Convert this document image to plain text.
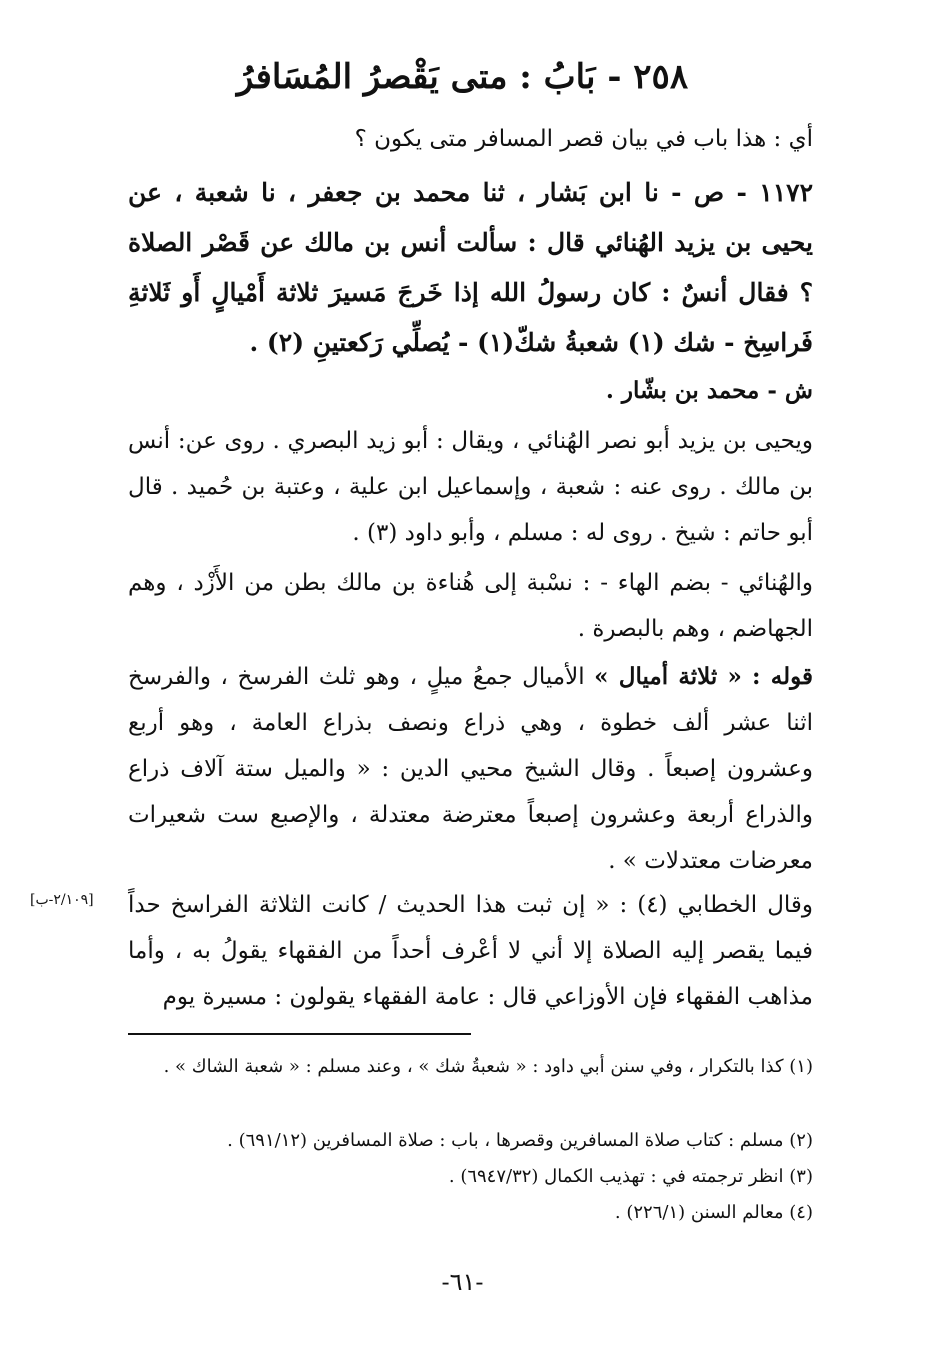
٢٥٨ - بَابُ : متى يَقْصرُ المُسَافرُ
أي : هذا باب في بيان قصر المسافر متى يكون ؟
١١٧٢ - ص - نا ابن بَشار ، ثنا محمد بن جعفر ، نا شعبة ، عن يحيى بن يزيد الهُنائي قال : سألت أنس بن مالك عن قَصْر الصلاة ؟ فقال أنسٌ : كان رسولُ الله إذا خَرجَ مَسيرَ ثلاثة أَمْيالٍ أَو ثَلاثةِ فَراسِخ - شك (١) شعبةُ شكّ(١) - يُصلِّي رَكعتينِ (٢) .
ش - محمد بن بشّار .
ويحيى بن يزيد أبو نصر الهُنائي ، ويقال : أبو زيد البصري . روى عن: أنس بن مالك . روى عنه : شعبة ، وإسماعيل ابن علية ، وعتبة بن حُميد . قال أبو حاتم : شيخ . روى له : مسلم ، وأبو داود (٣) .
والهُنائي - بضم الهاء - : نسْبة إلى هُناءة بن مالك بطن من الأَزْد ، وهم الجهاضم ، وهم بالبصرة .
قوله : « ثلاثة أميال » الأميال جمعُ ميلٍ ، وهو ثلث الفرسخ ، والفرسخ اثنا عشر ألف خطوة ، وهي ذراع ونصف بذراع العامة ، وهو أربع وعشرون إصبعاً . وقال الشيخ محيي الدين : « والميل ستة آلاف ذراع والذراع أربعة وعشرون إصبعاً معترضة معتدلة ، والإصبع ست شعيرات معرضات معتدلات » .
وقال الخطابي (٤) : « إن ثبت هذا الحديث / كانت الثلاثة الفراسخ حداً فيما يقصر إليه الصلاة إلا أني لا أعْرف أحداً من الفقهاء يقولُ به ، وأما مذاهب الفقهاء فإن الأوزاعي قال : عامة الفقهاء يقولون : مسيرة يوم
[٢/١٠٩-ب]
(١) كذا بالتكرار ، وفي سنن أبي داود : « شعبةُ شك » ، وعند مسلم : « شعبة الشاك » .
(٢) مسلم : كتاب صلاة المسافرين وقصرها ، باب : صلاة المسافرين (٦٩١/١٢) .
(٣) انظر ترجمته في : تهذيب الكمال (٦٩٤٧/٣٢) .
(٤) معالم السنن (٢٢٦/١) .
-٦١-
